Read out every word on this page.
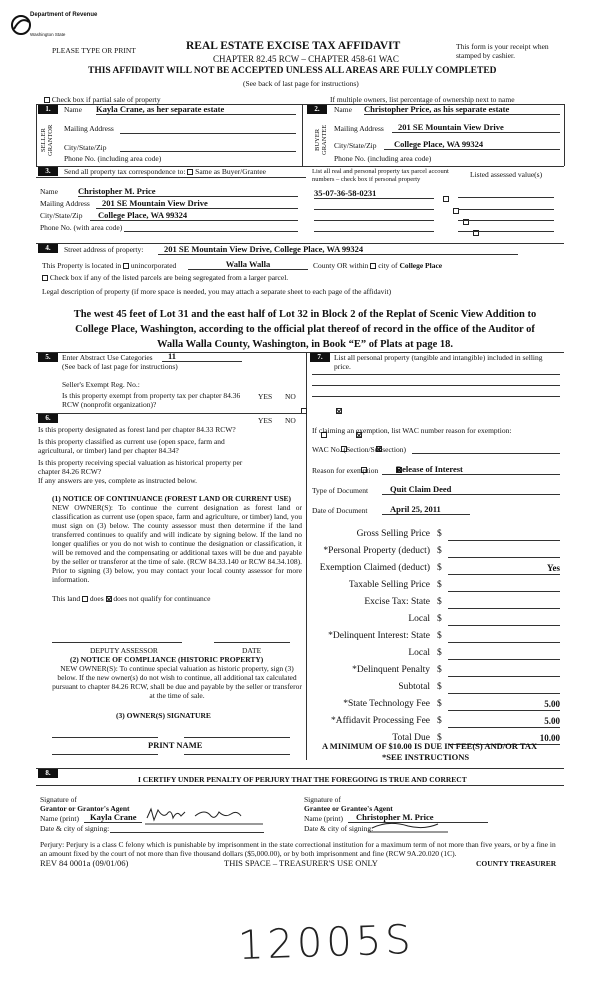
Department of Revenue
Washington State
PLEASE TYPE OR PRINT	REAL ESTATE EXCISE TAX AFFIDAVIT
CHAPTER 82.45 RCW – CHAPTER 458-61 WAC
This form is your receipt when stamped by cashier.
THIS AFFIDAVIT WILL NOT BE ACCEPTED UNLESS ALL AREAS ARE FULLY COMPLETED
(See back of last page for instructions)
Check box if partial sale of property	If multiple owners, list percentage of ownership next to name
1.	2.
SELLER GRANTOR
Name Kayla Crane, as her separate estate
Mailing Address
City/State/Zip
Phone No. (including area code)
BUYER GRANTEE
Name Christopher Price, as his separate estate
Mailing Address	201 SE Mountain View Drive
City/State/Zip	College Place, WA 99324
Phone No. (including area code)
3.	Send all property tax correspondence to: Same as Buyer/Grantee	List all real and personal property tax parcel account numbers – check box if personal property
Listed assessed value(s)
Name Christopher M. Price
Mailing Address	201 SE Mountain View Drive
City/State/Zip	College Place, WA 99324
Phone No. (with area code)
35-07-36-58-0231

4.	Street address of property:	201 SE Mountain View Drive, College Place, WA 99324
This Property is located in unincorporated	Walla Walla	County OR within city of College Place
Check box if any of the listed parcels are being segregated from a larger parcel.
Legal description of property (if more space is needed, you may attach a separate sheet to each page of the affidavit)
The west 45 feet of Lot 31 and the east half of Lot 32 in Block 2 of the Replat of Scenic View Addition to College Place, Washington, according to the official plat thereof of record in the office of the Auditor of Walla Walla County, Washington, in Book “E” of Plats at page 18.
5.	Enter Abstract Use Categories	11
(See back of last page for instructions)
Seller's Exempt Reg. No.:
Is this property exempt from property tax per chapter 84.36 RCW (nonprofit organization)?
YES NO

7.	List all personal property (tangible and intangible) included in selling price.
6.	YES NO
Is this property designated as forest land per chapter 84.33 RCW?

Is this property classified as current use (open space, farm and agricultural, or timber) land per chapter 84.34?

Is this property receiving special valuation as historical property per chapter 84.26 RCW?

If any answers are yes, complete as instructed below.
(1) NOTICE OF CONTINUANCE (FOREST LAND OR CURRENT USE)
NEW OWNER(S): To continue the current designation as forest land or classification as current use (open space, farm and agriculture, or timber) land, you must sign on (3) below. The county assessor must then determine if the land transferred continues to qualify and will indicate by signing below. If the land no longer qualifies or you do not wish to continue the designation or classification, it will be removed and the compensating or additional taxes will be due and payable by the seller or transferor at the time of sale. (RCW 84.33.140 or RCW 84.34.108). Prior to signing (3) below, you may contact your local county assessor for more information.
This land does does not qualify for continuance
DEPUTY ASSESSOR	DATE
(2) NOTICE OF COMPLIANCE (HISTORIC PROPERTY)
NEW OWNER(S): To continue special valuation as historic property, sign (3) below. If the new owner(s) do not wish to continue, all additional tax calculated pursuant to chapter 84.26 RCW, shall be due and payable by the seller or transferor at the time of sale.
(3) OWNER(S) SIGNATURE
PRINT NAME
If claiming an exemption, list WAC number reason for exemption:
WAC No. (Section/Subsection)
Reason for exemption	Release of Interest
Type of Document	Quit Claim Deed
Date of Document	April 25, 2011
Gross Selling Price $
*Personal Property (deduct) $
Exemption Claimed (deduct) $	Yes
Taxable Selling Price $
Excise Tax: State $
Local $
*Delinquent Interest: State $
Local $
*Delinquent Penalty $
Subtotal $
*State Technology Fee $	5.00
*Affidavit Processing Fee $	5.00
Total Due $	10.00
A MINIMUM OF $10.00 IS DUE IN FEE(S) AND/OR TAX
*SEE INSTRUCTIONS
8.
I CERTIFY UNDER PENALTY OF PERJURY THAT THE FOREGOING IS TRUE AND CORRECT
Signature of
Grantor or Grantor's Agent
Name (print)	Kayla Crane
Date & city of signing:
Signature of
Grantee or Grantee's Agent
Name (print)	Christopher M. Price
Date & city of signing:
Perjury: Perjury is a class C felony which is punishable by imprisonment in the state correctional institution for a maximum term of not more than five years, or by a fine in an amount fixed by the court of not more than five thousand dollars ($5,000.00), or by both imprisonment and fine (RCW 9A.20.020 (1C).
REV 84 0001a (09/01/06)	THIS SPACE – TREASURER'S USE ONLY	COUNTY TREASURER
12005S
